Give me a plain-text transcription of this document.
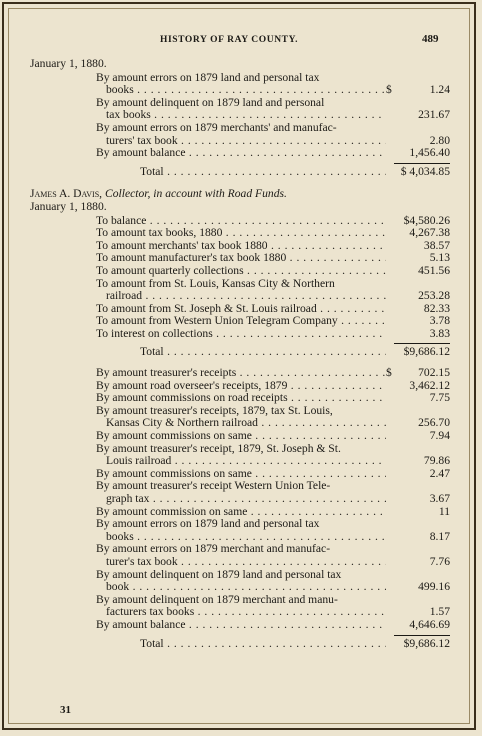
HISTORY OF RAY COUNTY.	489
January 1, 1880.
By amount errors on 1879 land and personal tax
books . . .	$	1.24
By amount delinquent on 1879 land and personal
tax books . . .	231.67
By amount errors on 1879 merchants' and manufac-
turers' tax book . . .	2.80
By amount balance . . .	1,456.40
Total . . .	$ 4,034.85
James A. Davis, Collector, in account with Road Funds.
January 1, 1880.
To balance . . .	$4,580.26
To amount tax books, 1880 . . .	4,267.38
To amount merchants' tax book 1880 . . .	38.57
To amount manufacturer's tax book 1880 . . .	5.13
To amount quarterly collections . . .	451.56
To amount from St. Louis, Kansas City & Northern
railroad . . .	253.28
To amount from St. Joseph & St. Louis railroad . . .	82.33
To amount from Western Union Telegram Company . . .	3.78
To interest on collections . . .	3.83
Total . . .	$9,686.12
By amount treasurer's receipts . . .	$ 702.15
By amount road overseer's receipts, 1879 . . .	3,462.12
By amount commissions on road receipts . . .	7.75
By amount treasurer's receipts, 1879, tax St. Louis,
Kansas City & Northern railroad . . .	256.70
By amount commissions on same . . .	7.94
By amount treasurer's receipt, 1879, St. Joseph & St.
Louis railroad . . .	79.86
By amount commissions on same . . .	2.47
By amount treasurer's receipt Western Union Tele-
graph tax . . .	3.67
By amount commission on same . . .	11
By amount errors on 1879 land and personal tax
books . . .	8.17
By amount errors on 1879 merchant and manufac-
turer's tax book . . .	7.76
By amount delinquent on 1879 land and personal tax
book . . .	499.16
By amount delinquent on 1879 merchant and manu-
facturers tax books . . .	1.57
By amount balance . . .	4,646.69
Total . . .	$9,686.12
31
